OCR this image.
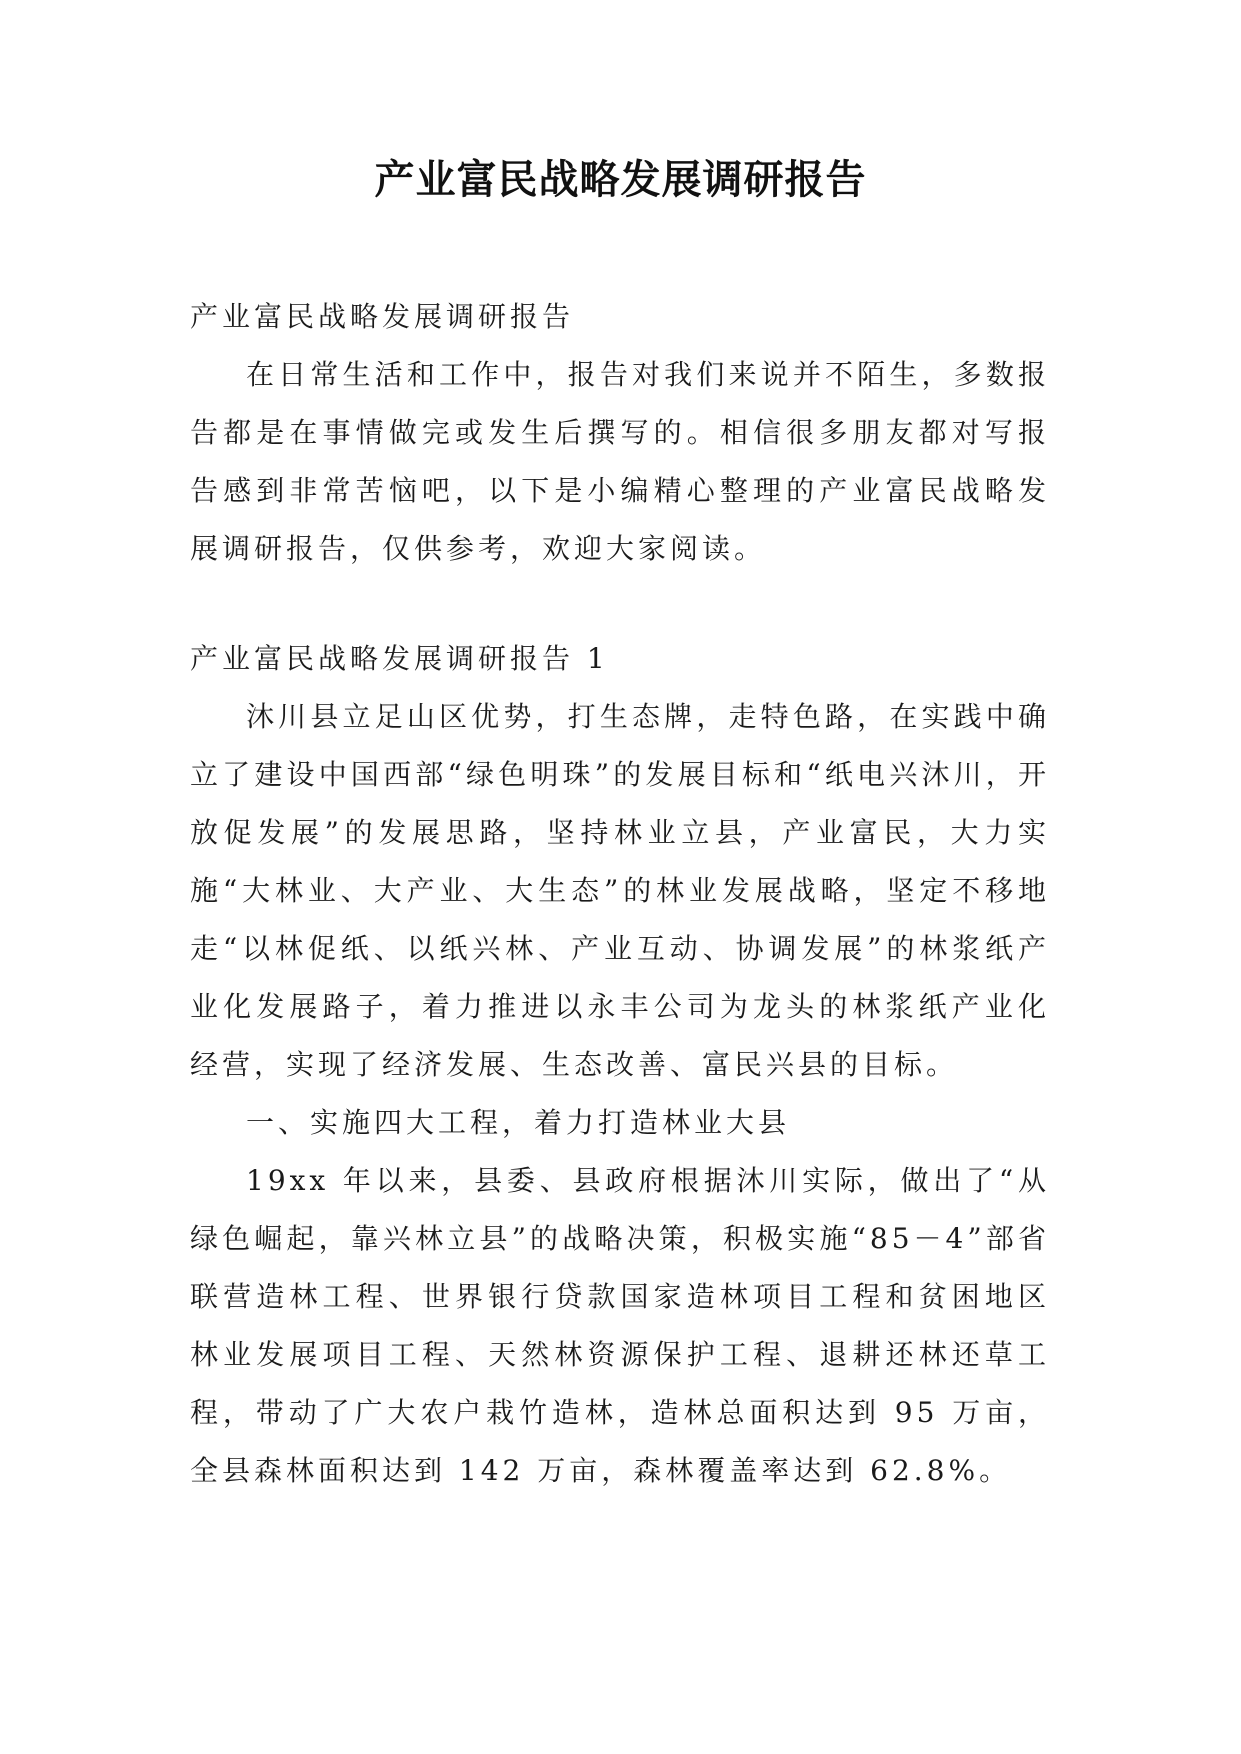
产业富民战略发展调研报告

产业富民战略发展调研报告

在日常生活和工作中，报告对我们来说并不陌生，多数报告都是在事情做完或发生后撰写的。相信很多朋友都对写报告感到非常苦恼吧，以下是小编精心整理的产业富民战略发展调研报告，仅供参考，欢迎大家阅读。

产业富民战略发展调研报告 1

沐川县立足山区优势，打生态牌，走特色路，在实践中确立了建设中国西部“绿色明珠”的发展目标和“纸电兴沐川，开放促发展”的发展思路，坚持林业立县，产业富民，大力实施“大林业、大产业、大生态”的林业发展战略，坚定不移地走“以林促纸、以纸兴林、产业互动、协调发展”的林浆纸产业化发展路子，着力推进以永丰公司为龙头的林浆纸产业化经营，实现了经济发展、生态改善、富民兴县的目标。

一、实施四大工程，着力打造林业大县

19xx 年以来，县委、县政府根据沐川实际，做出了“从绿色崛起，靠兴林立县”的战略决策，积极实施“85－4”部省联营造林工程、世界银行贷款国家造林项目工程和贫困地区林业发展项目工程、天然林资源保护工程、退耕还林还草工程，带动了广大农户栽竹造林，造林总面积达到 95 万亩，全县森林面积达到 142 万亩，森林覆盖率达到 62.8%。
